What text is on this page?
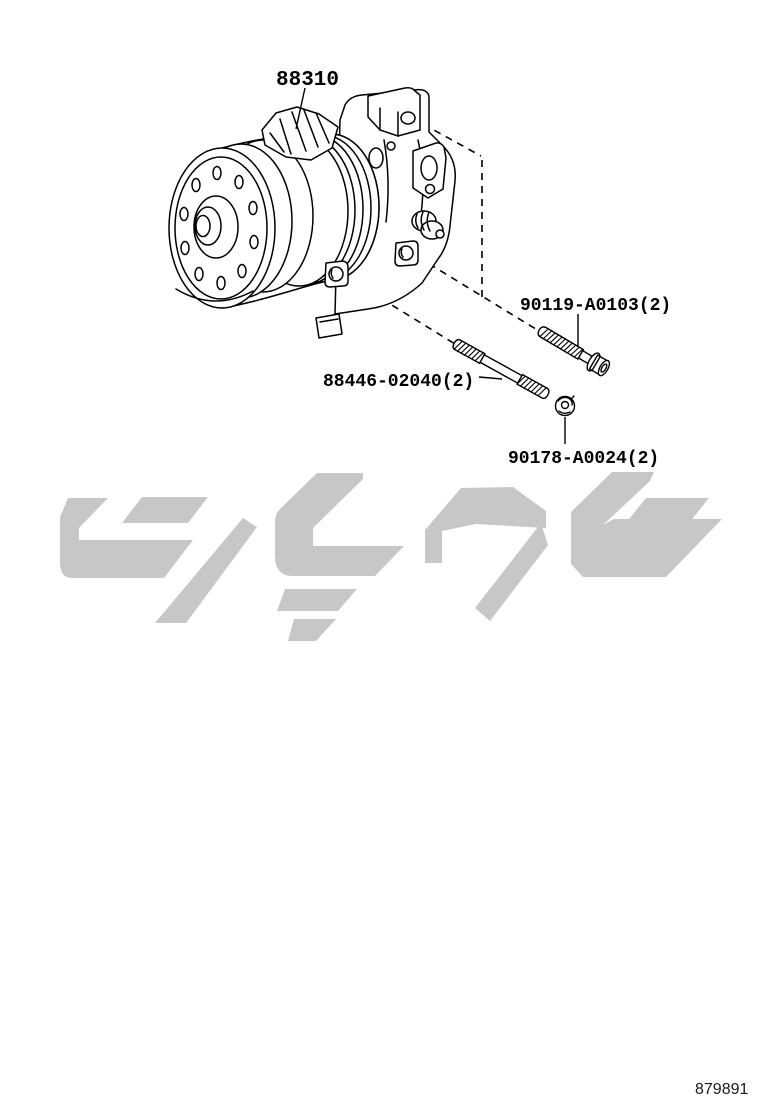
88310
90119-A0103(2)
88446-02040(2)
90178-A0024(2)
879891
